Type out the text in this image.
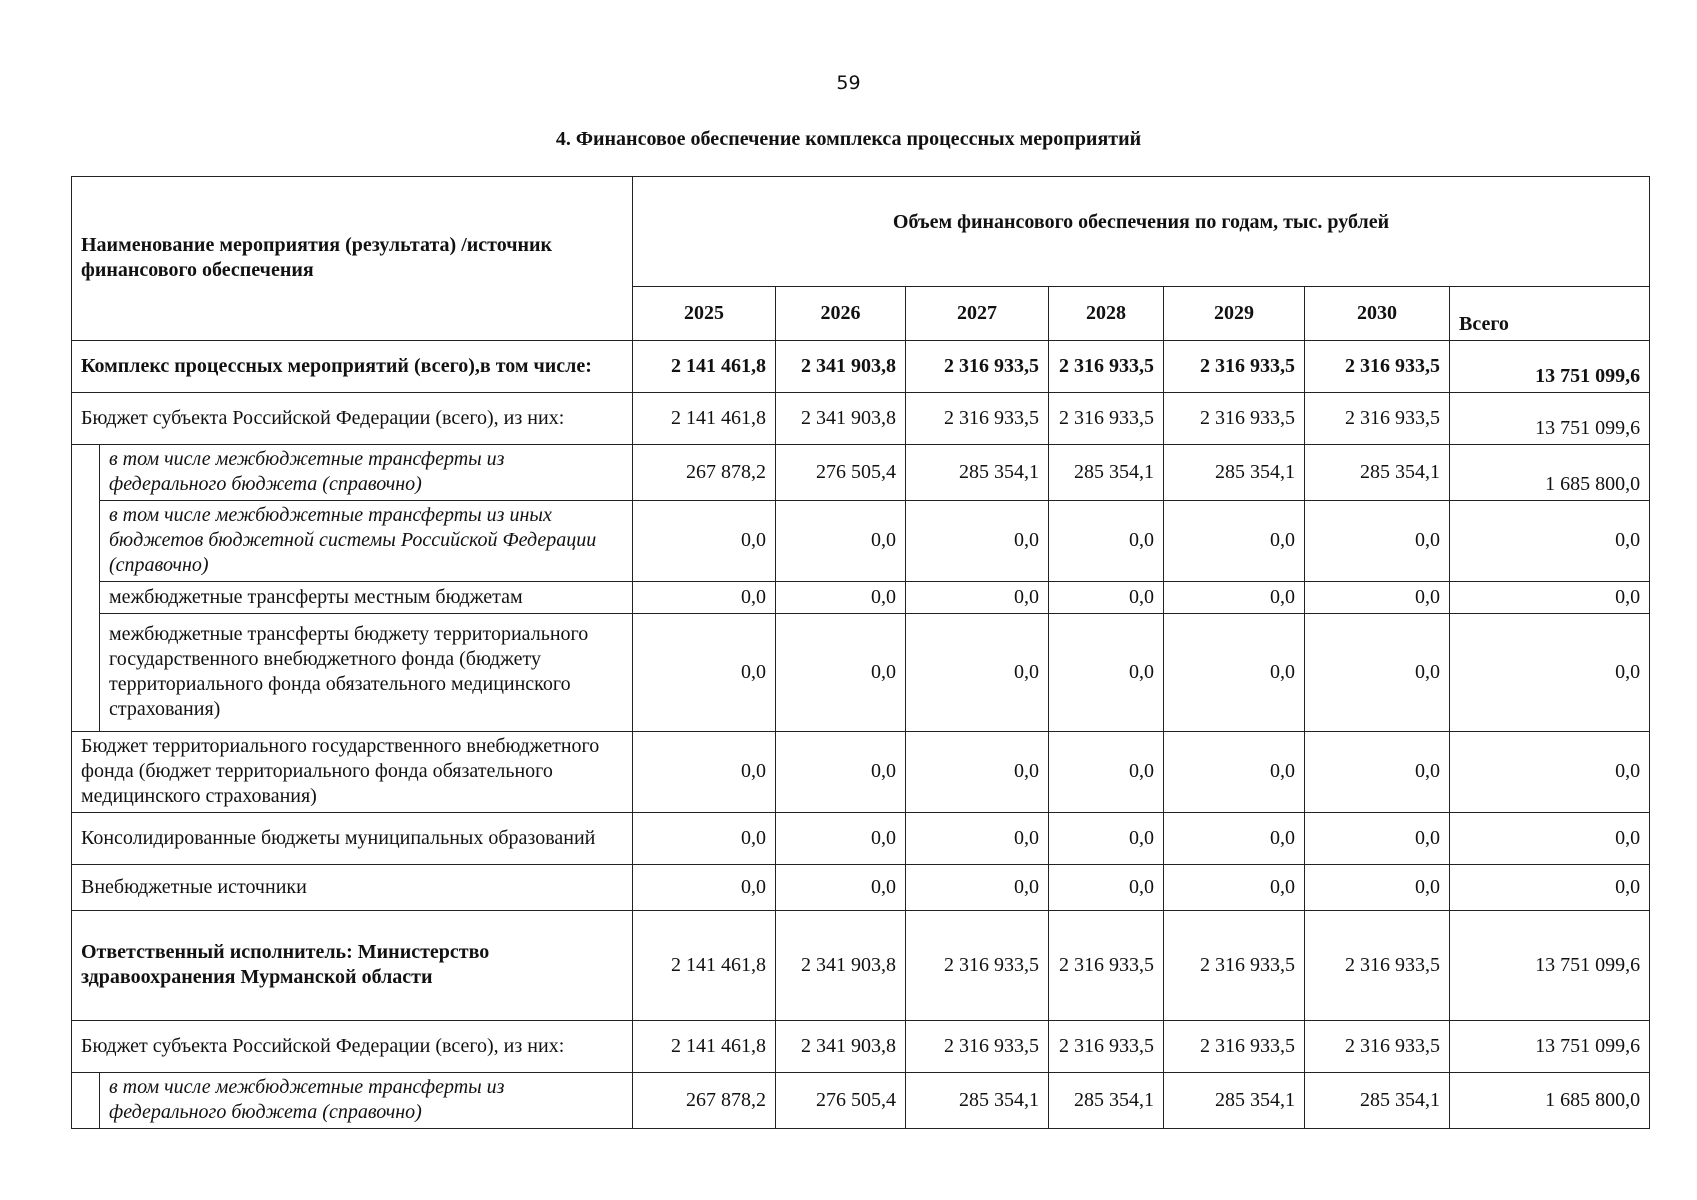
59
4. Финансовое обеспечение комплекса процессных мероприятий
Наименование мероприятия (результата) /источник финансового обеспечения		Объем финансового обеспечения по годам, тыс. рублей						
		2025	2026	2027	2028	2029	2030	Всего
Комплекс процессных мероприятий (всего),в том числе:		2 141 461,8	2 341 903,8	2 316 933,5	2 316 933,5	2 316 933,5	2 316 933,5	13 751 099,6
Бюджет субъекта Российской Федерации (всего), из них:		2 141 461,8	2 341 903,8	2 316 933,5	2 316 933,5	2 316 933,5	2 316 933,5	13 751 099,6
	в том числе межбюджетные трансферты из федерального бюджета (справочно)	267 878,2	276 505,4	285 354,1	285 354,1	285 354,1	285 354,1	1 685 800,0
	в том числе межбюджетные трансферты из иных бюджетов бюджетной системы Российской Федерации (справочно)	0,0	0,0	0,0	0,0	0,0	0,0	0,0
	межбюджетные трансферты местным бюджетам	0,0	0,0	0,0	0,0	0,0	0,0	0,0
	межбюджетные трансферты бюджету территориального государственного внебюджетного фонда (бюджету территориального фонда обязательного медицинского страхования)	0,0	0,0	0,0	0,0	0,0	0,0	0,0
Бюджет территориального государственного внебюджетного фонда (бюджет территориального фонда обязательного медицинского страхования)		0,0	0,0	0,0	0,0	0,0	0,0	0,0
Консолидированные бюджеты муниципальных образований		0,0	0,0	0,0	0,0	0,0	0,0	0,0
Внебюджетные источники		0,0	0,0	0,0	0,0	0,0	0,0	0,0
Ответственный исполнитель: Министерство здравоохранения Мурманской области		2 141 461,8	2 341 903,8	2 316 933,5	2 316 933,5	2 316 933,5	2 316 933,5	13 751 099,6
Бюджет субъекта Российской Федерации (всего), из них:		2 141 461,8	2 341 903,8	2 316 933,5	2 316 933,5	2 316 933,5	2 316 933,5	13 751 099,6
	в том числе межбюджетные трансферты из федерального бюджета (справочно)	267 878,2	276 505,4	285 354,1	285 354,1	285 354,1	285 354,1	1 685 800,0
